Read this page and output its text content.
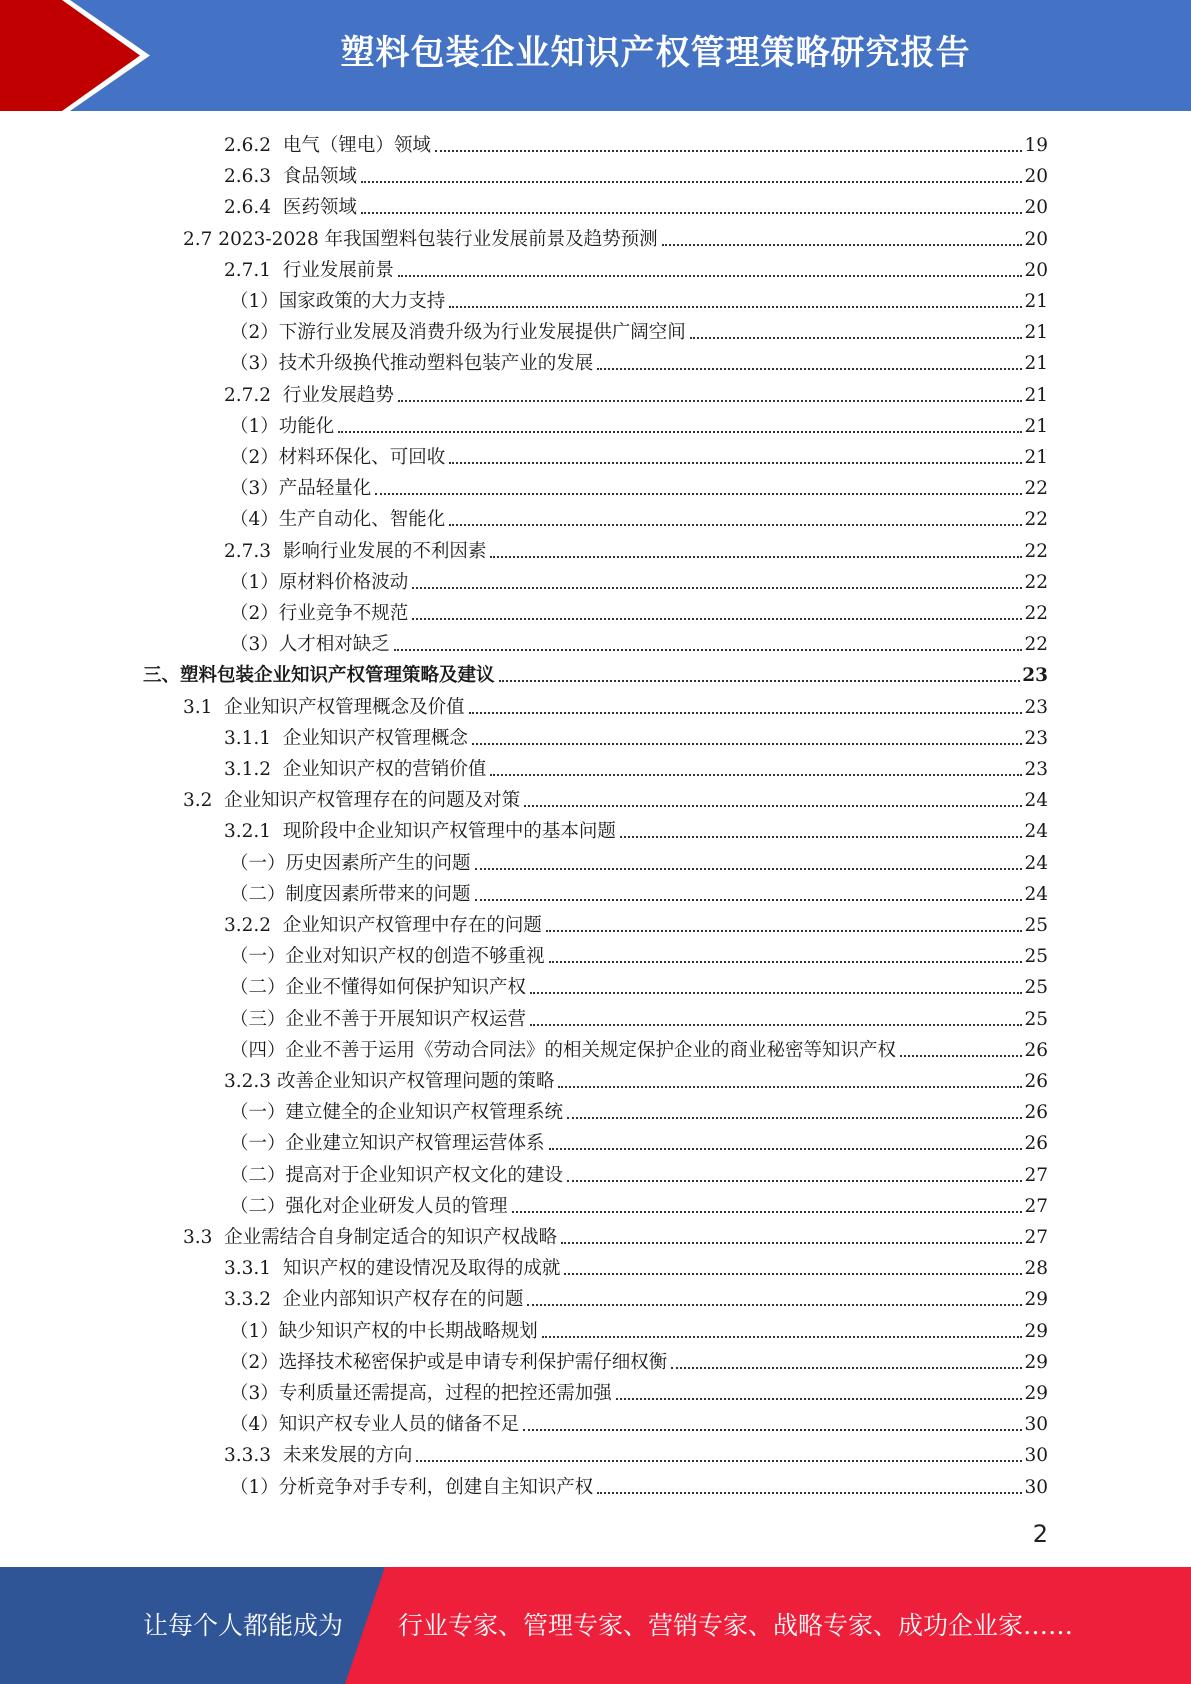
塑料包装企业知识产权管理策略研究报告
2.6.2  电气（锂电）领域	19
2.6.3  食品领域	20
2.6.4  医药领域	20
2.7 2023-2028 年我国塑料包装行业发展前景及趋势预测	20
2.7.1  行业发展前景	20
（1）国家政策的大力支持	21
（2）下游行业发展及消费升级为行业发展提供广阔空间	21
（3）技术升级换代推动塑料包装产业的发展	21
2.7.2  行业发展趋势	21
（1）功能化	21
（2）材料环保化、可回收	21
（3）产品轻量化	22
（4）生产自动化、智能化	22
2.7.3  影响行业发展的不利因素	22
（1）原材料价格波动	22
（2）行业竞争不规范	22
（3）人才相对缺乏	22
三、塑料包装企业知识产权管理策略及建议	23
3.1  企业知识产权管理概念及价值	23
3.1.1  企业知识产权管理概念	23
3.1.2  企业知识产权的营销价值	23
3.2  企业知识产权管理存在的问题及对策	24
3.2.1  现阶段中企业知识产权管理中的基本问题	24
（一）历史因素所产生的问题	24
（二）制度因素所带来的问题	24
3.2.2  企业知识产权管理中存在的问题	25
（一）企业对知识产权的创造不够重视	25
（二）企业不懂得如何保护知识产权	25
（三）企业不善于开展知识产权运营	25
（四）企业不善于运用《劳动合同法》的相关规定保护企业的商业秘密等知识产权	26
3.2.3 改善企业知识产权管理问题的策略	26
（一）建立健全的企业知识产权管理系统	26
（一）企业建立知识产权管理运营体系	26
（二）提高对于企业知识产权文化的建设	27
（二）强化对企业研发人员的管理	27
3.3  企业需结合自身制定适合的知识产权战略	27
3.3.1  知识产权的建设情况及取得的成就	28
3.3.2  企业内部知识产权存在的问题	29
（1）缺少知识产权的中长期战略规划	29
（2）选择技术秘密保护或是申请专利保护需仔细权衡	29
（3）专利质量还需提高，过程的把控还需加强	29
（4）知识产权专业人员的储备不足	30
3.3.3  未来发展的方向	30
（1）分析竞争对手专利，创建自主知识产权	30
2
让每个人都能成为 行业专家、管理专家、营销专家、战略专家、成功企业家……
